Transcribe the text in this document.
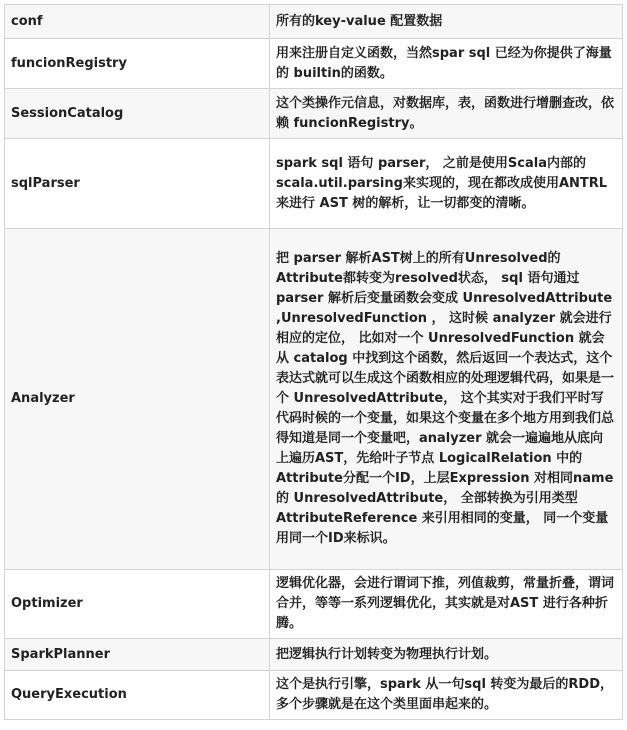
conf	所有的key-value 配置数据
funcionRegistry	用来注册自定义函数，当然spar sql 已经为你提供了海量的 builtin的函数。
SessionCatalog	这个类操作元信息，对数据库，表，函数进行增删查改，依赖 funcionRegistry。
sqlParser	spark sql 语句 parser， 之前是使用Scala内部的scala.util.parsing来实现的，现在都改成使用ANTRL 来进行 AST 树的解析，让一切都变的清晰。
Analyzer	把 parser 解析AST树上的所有Unresolved的Attribute都转变为resolved状态， sql 语句通过parser 解析后变量函数会变成 UnresolvedAttribute ,UnresolvedFunction ， 这时候 analyzer 就会进行相应的定位， 比如对一个 UnresolvedFunction 就会从 catalog 中找到这个函数，然后返回一个表达式，这个表达式就可以生成这个函数相应的处理逻辑代码，如果是一个 UnresolvedAttribute， 这个其实对于我们平时写代码时候的一个变量，如果这个变量在多个地方用到我们总得知道是同一个变量吧，analyzer 就会一遍遍地从底向上遍历AST，先给叶子节点 LogicalRelation 中的Attribute分配一个ID，上层Expression 对相同name的 UnresolvedAttribute， 全部转换为引用类型AttributeReference 来引用相同的变量， 同一个变量用同一个ID来标识。
Optimizer	逻辑优化器，会进行谓词下推，列值裁剪，常量折叠，谓词合并，等等一系列逻辑优化，其实就是对AST 进行各种折腾。
SparkPlanner	把逻辑执行计划转变为物理执行计划。
QueryExecution	这个是执行引擎，spark 从一句sql 转变为最后的RDD， 多个步骤就是在这个类里面串起来的。
